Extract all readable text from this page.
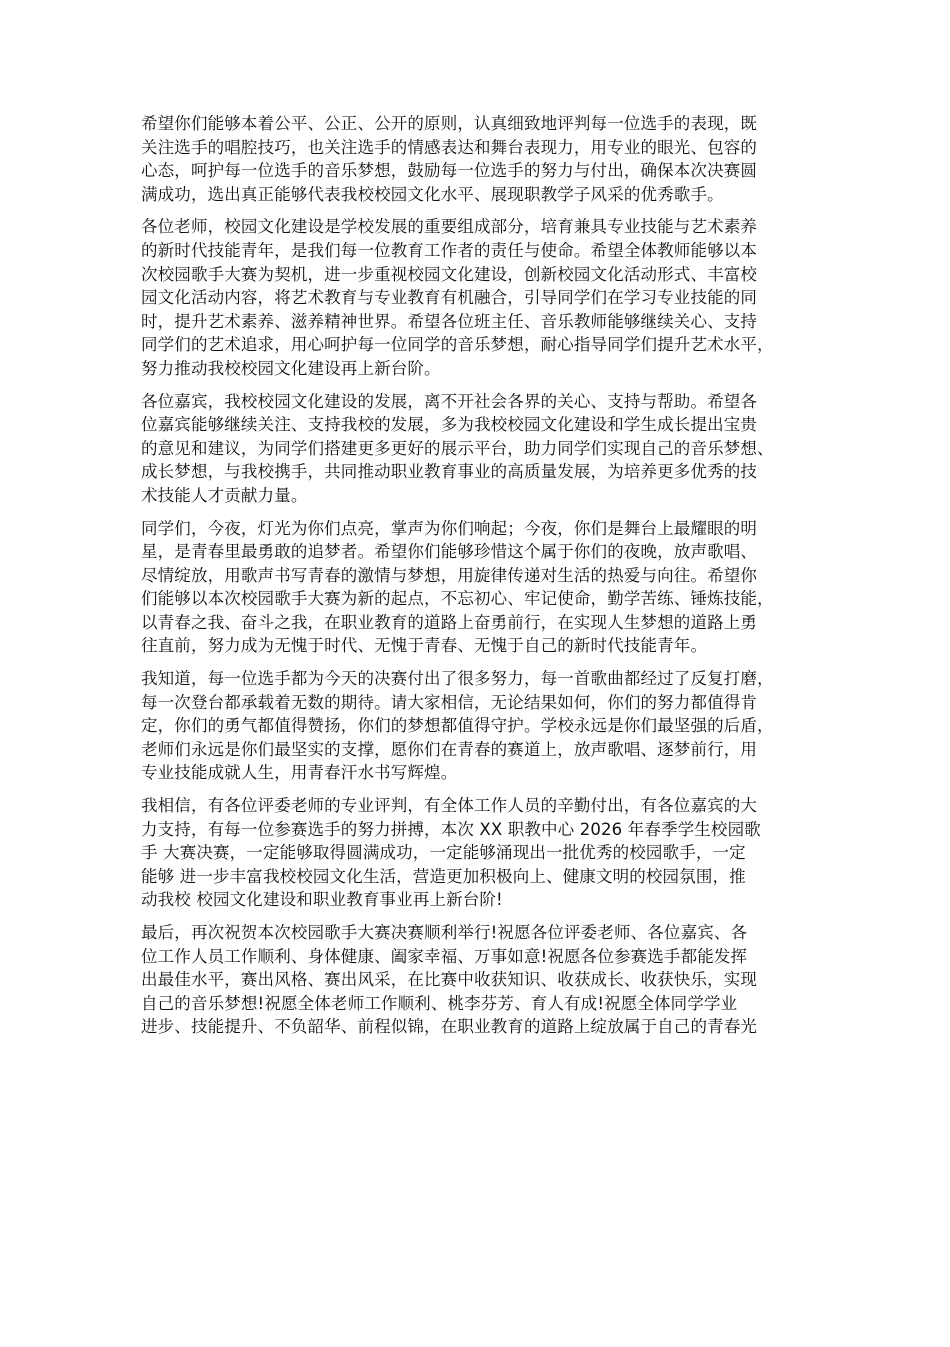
希望你们能够本着公平、公正、公开的原则，认真细致地评判每一位选手的表现，既
关注选手的唱腔技巧，也关注选手的情感表达和舞台表现力，用专业的眼光、包容的
心态，呵护每一位选手的音乐梦想，鼓励每一位选手的努力与付出，确保本次决赛圆
满成功，选出真正能够代表我校校园文化水平、展现职教学子风采的优秀歌手。
各位老师，校园文化建设是学校发展的重要组成部分，培育兼具专业技能与艺术素养
的新时代技能青年，是我们每一位教育工作者的责任与使命。希望全体教师能够以本
次校园歌手大赛为契机，进一步重视校园文化建设，创新校园文化活动形式、丰富校
园文化活动内容，将艺术教育与专业教育有机融合，引导同学们在学习专业技能的同
时，提升艺术素养、滋养精神世界。希望各位班主任、音乐教师能够继续关心、支持
同学们的艺术追求，用心呵护每一位同学的音乐梦想，耐心指导同学们提升艺术水平，
努力推动我校校园文化建设再上新台阶。
各位嘉宾，我校校园文化建设的发展，离不开社会各界的关心、支持与帮助。希望各
位嘉宾能够继续关注、支持我校的发展，多为我校校园文化建设和学生成长提出宝贵
的意见和建议，为同学们搭建更多更好的展示平台，助力同学们实现自己的音乐梦想、
成长梦想，与我校携手，共同推动职业教育事业的高质量发展，为培养更多优秀的技
术技能人才贡献力量。
同学们，今夜，灯光为你们点亮，掌声为你们响起；今夜，你们是舞台上最耀眼的明
星，是青春里最勇敢的追梦者。希望你们能够珍惜这个属于你们的夜晚，放声歌唱、
尽情绽放，用歌声书写青春的激情与梦想，用旋律传递对生活的热爱与向往。希望你
们能够以本次校园歌手大赛为新的起点，不忘初心、牢记使命，勤学苦练、锤炼技能，
以青春之我、奋斗之我，在职业教育的道路上奋勇前行，在实现人生梦想的道路上勇
往直前，努力成为无愧于时代、无愧于青春、无愧于自己的新时代技能青年。
我知道，每一位选手都为今天的决赛付出了很多努力，每一首歌曲都经过了反复打磨，
每一次登台都承载着无数的期待。请大家相信，无论结果如何，你们的努力都值得肯
定，你们的勇气都值得赞扬，你们的梦想都值得守护。学校永远是你们最坚强的后盾，
老师们永远是你们最坚实的支撑，愿你们在青春的赛道上，放声歌唱、逐梦前行，用
专业技能成就人生，用青春汗水书写辉煌。
我相信，有各位评委老师的专业评判，有全体工作人员的辛勤付出，有各位嘉宾的大
力支持，有每一位参赛选手的努力拼搏，本次 XX 职教中心 2026 年春季学生校园歌
手 大赛决赛，一定能够取得圆满成功，一定能够涌现出一批优秀的校园歌手，一定
能够 进一步丰富我校校园文化生活，营造更加积极向上、健康文明的校园氛围，推
动我校 校园文化建设和职业教育事业再上新台阶!
最后，再次祝贺本次校园歌手大赛决赛顺利举行!祝愿各位评委老师、各位嘉宾、各
位工作人员工作顺利、身体健康、阖家幸福、万事如意!祝愿各位参赛选手都能发挥
出最佳水平，赛出风格、赛出风采，在比赛中收获知识、收获成长、收获快乐，实现
自己的音乐梦想!祝愿全体老师工作顺利、桃李芬芳、育人有成!祝愿全体同学学业
进步、技能提升、不负韶华、前程似锦，在职业教育的道路上绽放属于自己的青春光
